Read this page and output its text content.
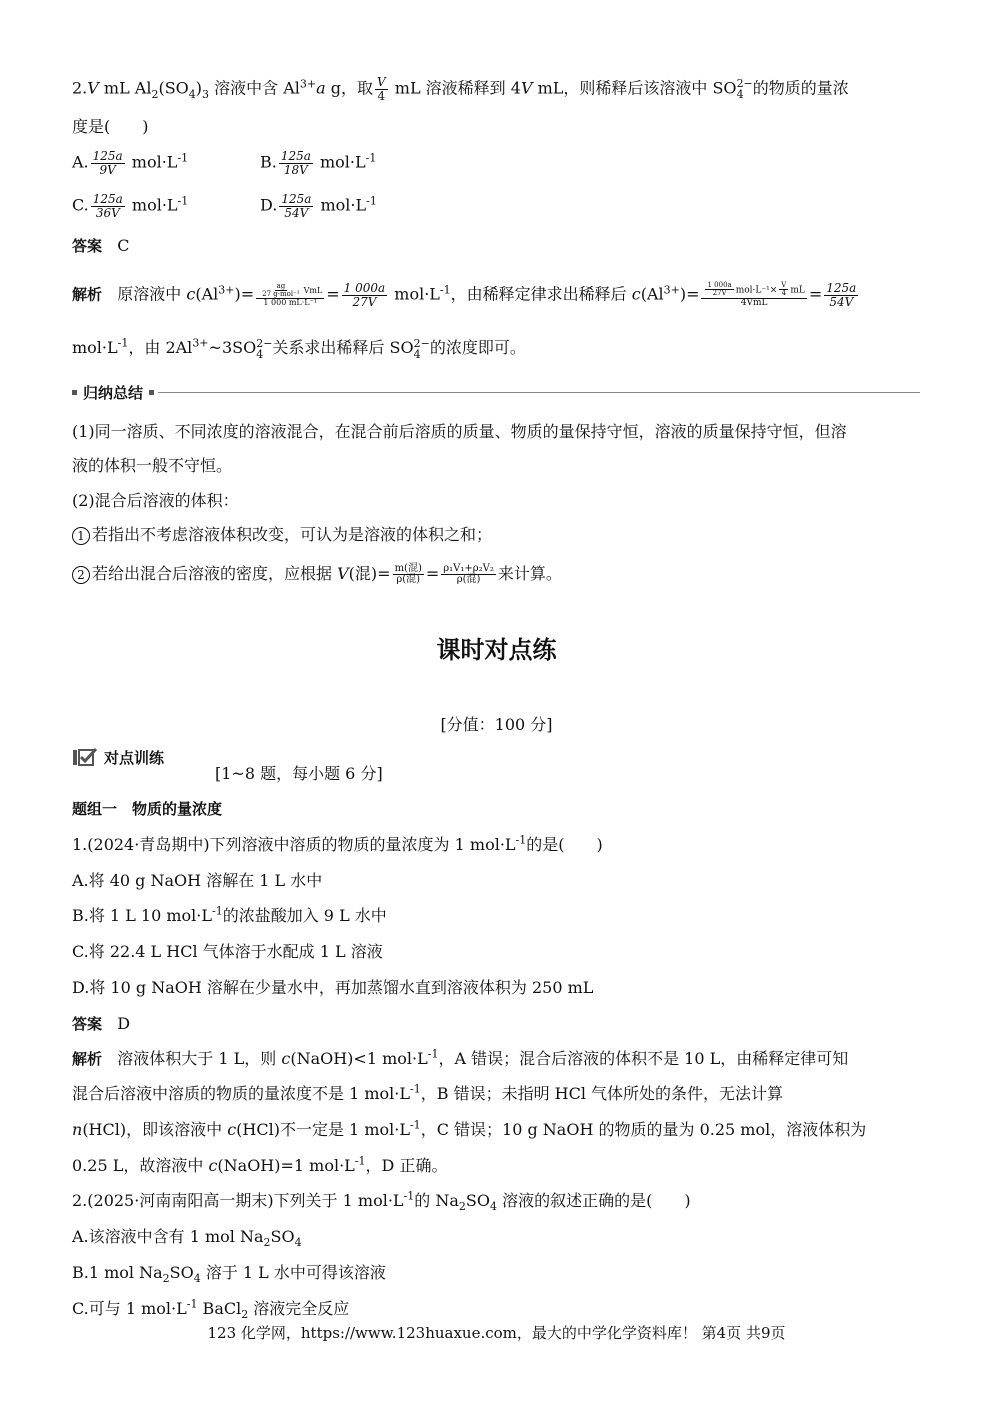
2.V mL $Al_2(SO_4)_3$ 溶液中含 $Al^{3+}a$ g，取 $\frac{V}{4}$ mL 溶液稀释到 4V mL，则稀释后该溶液中 SO 2−
4 的物质的量浓
度是(　　)
A. $\frac{125a}{9V} mol\cdot L^{-1}$	B. $\frac{125a}{18V} mol\cdot L^{-1}$
C. $\frac{125a}{36V} mol\cdot L^{-1}$	D. $\frac{125a}{54V} mol\cdot L^{-1}$
答案 C
解析 原溶液中 $c(Al^{3+})= \frac{\frac{ag}{\text{27 g·mol⁻¹}} VmL}{\text{1 000 mL·L⁻¹}} = \frac{1 000a}{27V} mol\cdot L^{-1}$，由稀释定律求出稀释后 $c(Al^{3+})= \frac{\frac{1 000a}{27V} mol\cdot L^{-1}\times \frac{V}{4} mL}{\text{4VmL}} = \frac{125a}{54V}$
$mol\cdot L^{-1}$，由 $2Al^{3+}\sim 3SO$ 2−
4 关系求出稀释后 SO 2−
4 的浓度即可。
归纳总结
(1)同一溶质、不同浓度的溶液混合，在混合前后溶质的质量、物质的量保持守恒，溶液的质量保持守恒，但溶
液的体积一般不守恒。
(2)混合后溶液的体积：
1 若指出不考虑溶液体积改变，可认为是溶液的体积之和；
2 若给出混合后溶液的密度，应根据 V(混)= $\frac{\text{m(混)}}{\text{ρ(混)}} = \frac{\text{ρ₁V₁+ρ₂V₂}}{\text{ρ(混)}}$ 来计算。
课时对点练
[分值：100 分]
对点训练
[1~8 题，每小题 6 分]
题组一　物质的量浓度
1.(2024·青岛期中)下列溶液中溶质的物质的量浓度为 1 $mol\cdot L^{-1}$的是(　　)
A.将 40 g NaOH 溶解在 1 L 水中
B.将 1 L 10 $mol\cdot L^{-1}$的浓盐酸加入 9 L 水中
C.将 22.4 L HCl 气体溶于水配成 1 L 溶液
D.将 10 g NaOH 溶解在少量水中，再加蒸馏水直到溶液体积为 250 mL
答案 D
解析 溶液体积大于 1 L，则 c(NaOH)<1 $mol\cdot L^{-1}$，A 错误；混合后溶液的体积不是 10 L，由稀释定律可知
混合后溶液中溶质的物质的量浓度不是 1 $mol\cdot L^{-1}$，B 错误；未指明 HCl 气体所处的条件，无法计算
n(HCl)，即该溶液中 c(HCl)不一定是 1 $mol\cdot L^{-1}$，C 错误；10 g NaOH 的物质的量为 0.25 mol，溶液体积为
0.25 L，故溶液中 c(NaOH)=1 $mol\cdot L^{-1}$，D 正确。
2.(2025·河南南阳高一期末)下列关于 1 $mol\cdot L^{-1}$的 $Na_2SO_4$ 溶液的叙述正确的是(　　)
A.该溶液中含有 1 mol $Na_2SO_4$
B.1 mol $Na_2SO_4$ 溶于 1 L 水中可得该溶液
C.可与 1 $mol\cdot L^{-1}$ BaCl$_2$ 溶液完全反应
123 化学网，https://www.123huaxue.com，最大的中学化学资料库！ 第4页 共9页
